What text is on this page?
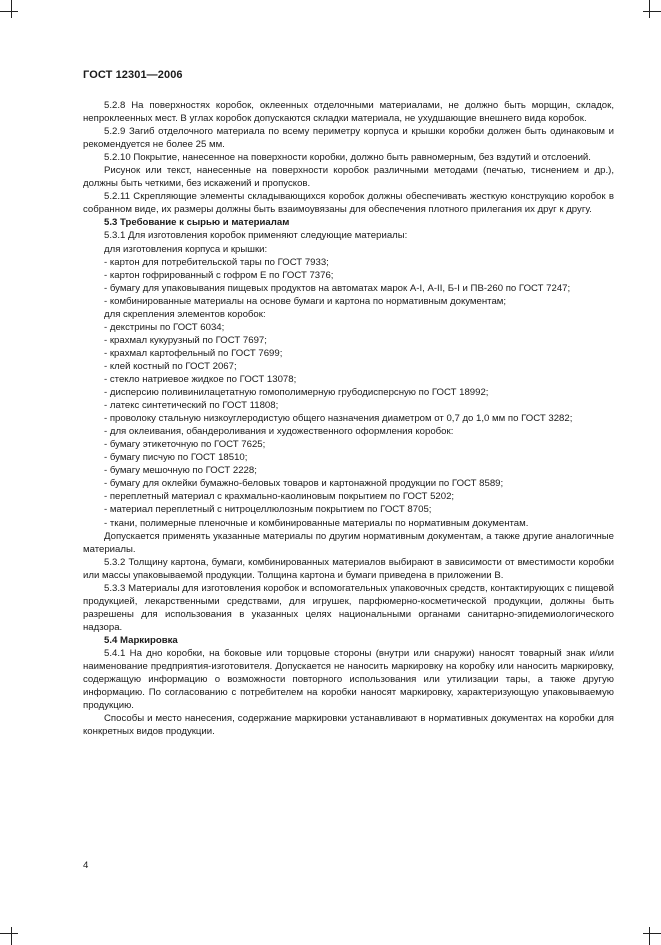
ГОСТ 12301—2006

5.2.8 На поверхностях коробок, оклеенных отделочными материалами, не должно быть морщин, складок, непроклеенных мест. В углах коробок допускаются складки материала, не ухудшающие внешнего вида коробок.

5.2.9 Загиб отделочного материала по всему периметру корпуса и крышки коробки должен быть одинаковым и рекомендуется не более 25 мм.

5.2.10 Покрытие, нанесенное на поверхности коробки, должно быть равномерным, без вздутий и отслоений.

Рисунок или текст, нанесенные на поверхности коробок различными методами (печатью, тиснением и др.), должны быть четкими, без искажений и пропусков.

5.2.11 Скрепляющие элементы складывающихся коробок должны обеспечивать жесткую конструкцию коробок в собранном виде, их размеры должны быть взаимоувязаны для обеспечения плотного прилегания их друг к другу.

5.3 Требование к сырью и материалам

5.3.1 Для изготовления коробок применяют следующие материалы:

для изготовления корпуса и крышки:

- картон для потребительской тары по ГОСТ 7933;

- картон гофрированный с гофром Е по ГОСТ 7376;

- бумагу для упаковывания пищевых продуктов на автоматах марок А-I, А-II, Б-I и ПВ-260 по ГОСТ 7247;

- комбинированные материалы на основе бумаги и картона по нормативным документам;

для скрепления элементов коробок:

- декстрины по ГОСТ 6034;

- крахмал кукурузный по ГОСТ 7697;

- крахмал картофельный по ГОСТ 7699;

- клей костный по ГОСТ 2067;

- стекло натриевое жидкое по ГОСТ 13078;

- дисперсию поливинилацетатную гомополимерную грубодисперсную по ГОСТ 18992;

- латекс синтетический по ГОСТ 11808;

- проволоку стальную низкоуглеродистую общего назначения диаметром от 0,7 до 1,0 мм по ГОСТ 3282;

- для оклеивания, обандероливания и художественного оформления коробок:

- бумагу этикеточную по ГОСТ 7625;

- бумагу писчую по ГОСТ 18510;

- бумагу мешочную по ГОСТ 2228;

- бумагу для оклейки бумажно-беловых товаров и картонажной продукции по ГОСТ 8589;

- переплетный материал с крахмально-каолиновым покрытием по ГОСТ 5202;

- материал переплетный с нитроцеллюлозным покрытием по ГОСТ 8705;

- ткани, полимерные пленочные и комбинированные материалы по нормативным документам.

Допускается применять указанные материалы по другим нормативным документам, а также другие аналогичные материалы.

5.3.2 Толщину картона, бумаги, комбинированных материалов выбирают в зависимости от вместимости коробки или массы упаковываемой продукции. Толщина картона и бумаги приведена в приложении В.

5.3.3 Материалы для изготовления коробок и вспомогательных упаковочных средств, контактирующих с пищевой продукцией, лекарственными средствами, для игрушек, парфюмерно-косметической продукции, должны быть разрешены для использования в указанных целях национальными органами санитарно-эпидемиологического надзора.

5.4 Маркировка

5.4.1 На дно коробки, на боковые или торцовые стороны (внутри или снаружи) наносят товарный знак и/или наименование предприятия-изготовителя. Допускается не наносить маркировку на коробку или наносить маркировку, содержащую информацию о возможности повторного использования или утилизации тары, а также другую информацию. По согласованию с потребителем на коробки наносят маркировку, характеризующую упаковываемую продукцию.

Способы и место нанесения, содержание маркировки устанавливают в нормативных документах на коробки для конкретных видов продукции.

4
